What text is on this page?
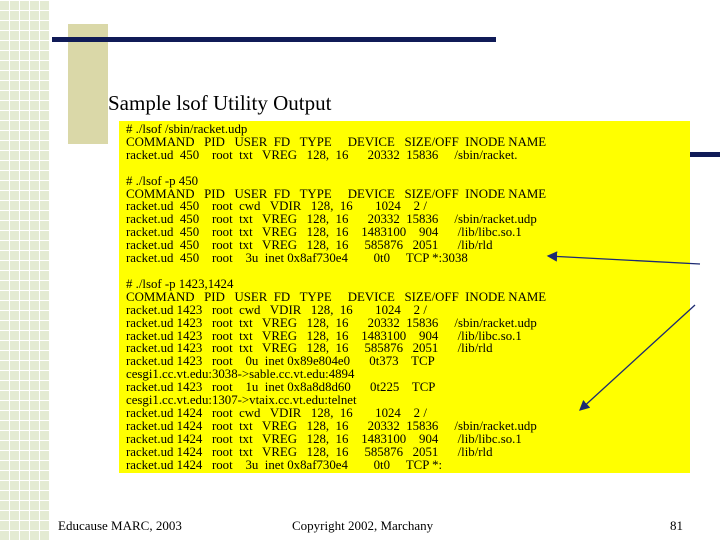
Sample lsof Utility Output
# ./lsof /sbin/racket.udp
COMMAND   PID   USER  FD   TYPE     DEVICE   SIZE/OFF  INODE NAME
racket.ud  450    root  txt   VREG   128,  16      20332  15836     /sbin/racket.

# ./lsof -p 450
COMMAND   PID   USER  FD   TYPE     DEVICE   SIZE/OFF  INODE NAME
racket.ud  450    root  cwd   VDIR   128,  16       1024    2 /
racket.ud  450    root  txt   VREG   128,  16      20332  15836     /sbin/racket.udp
racket.ud  450    root  txt   VREG   128,  16    1483100    904      /lib/libc.so.1
racket.ud  450    root  txt   VREG   128,  16     585876   2051      /lib/rld
racket.ud  450    root    3u  inet 0x8af730e4        0t0     TCP *:3038

# ./lsof -p 1423,1424
COMMAND   PID   USER  FD   TYPE     DEVICE   SIZE/OFF  INODE NAME
racket.ud 1423   root  cwd   VDIR   128,  16       1024    2 /
racket.ud 1423   root  txt   VREG   128,  16      20332  15836     /sbin/racket.udp
racket.ud 1423   root  txt   VREG   128,  16    1483100    904      /lib/libc.so.1
racket.ud 1423   root  txt   VREG   128,  16     585876   2051      /lib/rld
racket.ud 1423   root    0u  inet 0x89e804e0      0t373    TCP
cesgi1.cc.vt.edu:3038->sable.cc.vt.edu:4894
racket.ud 1423   root    1u  inet 0x8a8d8d60      0t225    TCP
cesgi1.cc.vt.edu:1307->vtaix.cc.vt.edu:telnet
racket.ud 1424   root  cwd   VDIR   128,  16       1024    2 /
racket.ud 1424   root  txt   VREG   128,  16      20332  15836     /sbin/racket.udp
racket.ud 1424   root  txt   VREG   128,  16    1483100    904      /lib/libc.so.1
racket.ud 1424   root  txt   VREG   128,  16     585876   2051      /lib/rld
racket.ud 1424   root    3u  inet 0x8af730e4        0t0     TCP *:
Educause MARC, 2003	Copyright 2002, Marchany	81
